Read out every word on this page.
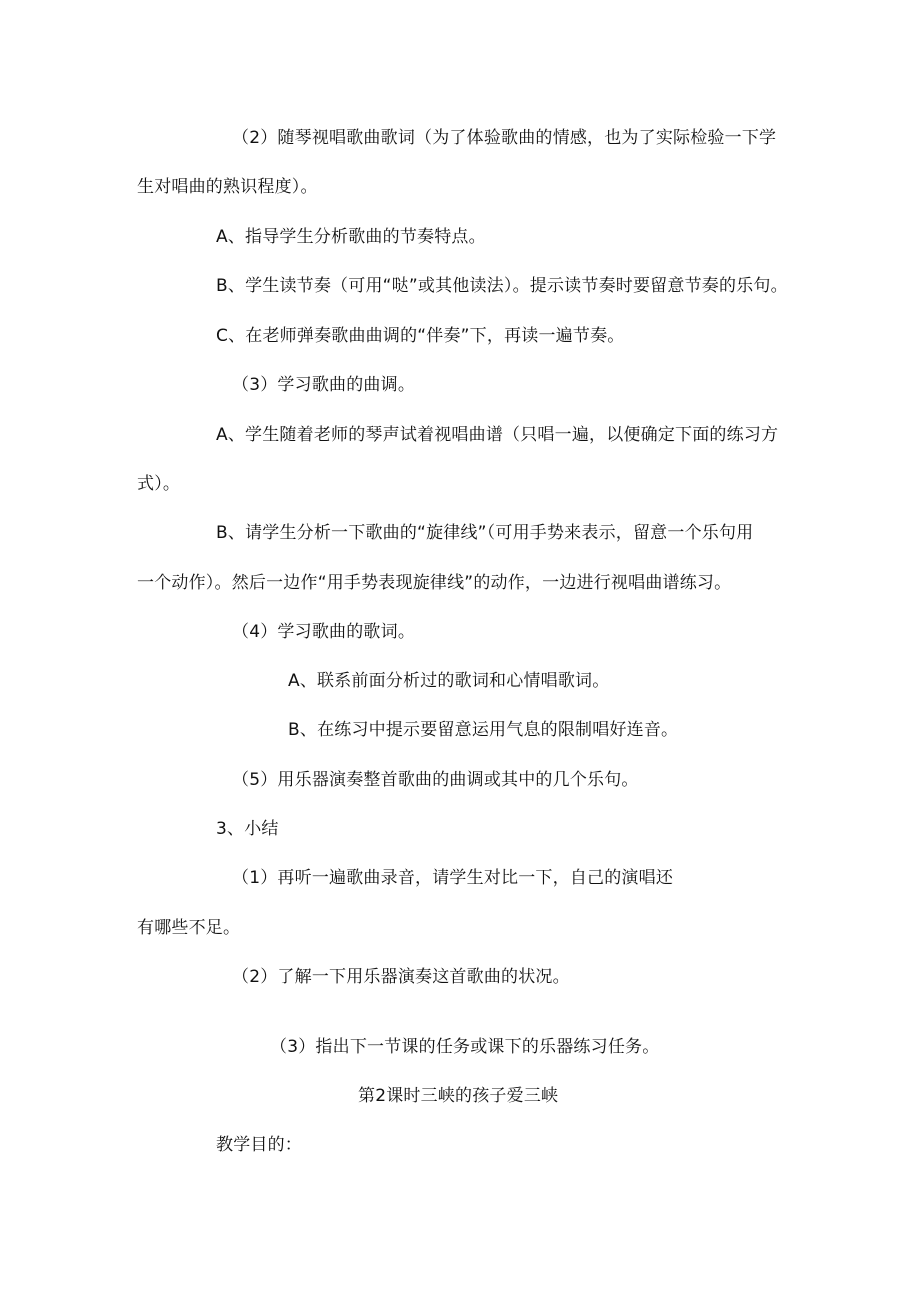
（2）随琴视唱歌曲歌词（为了体验歌曲的情感，也为了实际检验一下学
生对唱曲的熟识程度）。
A、指导学生分析歌曲的节奏特点。
B、学生读节奏（可用“哒”或其他读法）。提示读节奏时要留意节奏的乐句。
C、在老师弹奏歌曲曲调的“伴奏”下，再读一遍节奏。
（3）学习歌曲的曲调。
A、学生随着老师的琴声试着视唱曲谱（只唱一遍，以便确定下面的练习方
式）。
B、请学生分析一下歌曲的“旋律线”（可用手势来表示，留意一个乐句用
一个动作）。然后一边作“用手势表现旋律线”的动作，一边进行视唱曲谱练习。
（4）学习歌曲的歌词。
A、联系前面分析过的歌词和心情唱歌词。
B、在练习中提示要留意运用气息的限制唱好连音。
（5）用乐器演奏整首歌曲的曲调或其中的几个乐句。
3、小结
（1）再听一遍歌曲录音，请学生对比一下，自己的演唱还
有哪些不足。
（2）了解一下用乐器演奏这首歌曲的状况。
（3）指出下一节课的任务或课下的乐器练习任务。
第2课时三峡的孩子爱三峡
教学目的：
